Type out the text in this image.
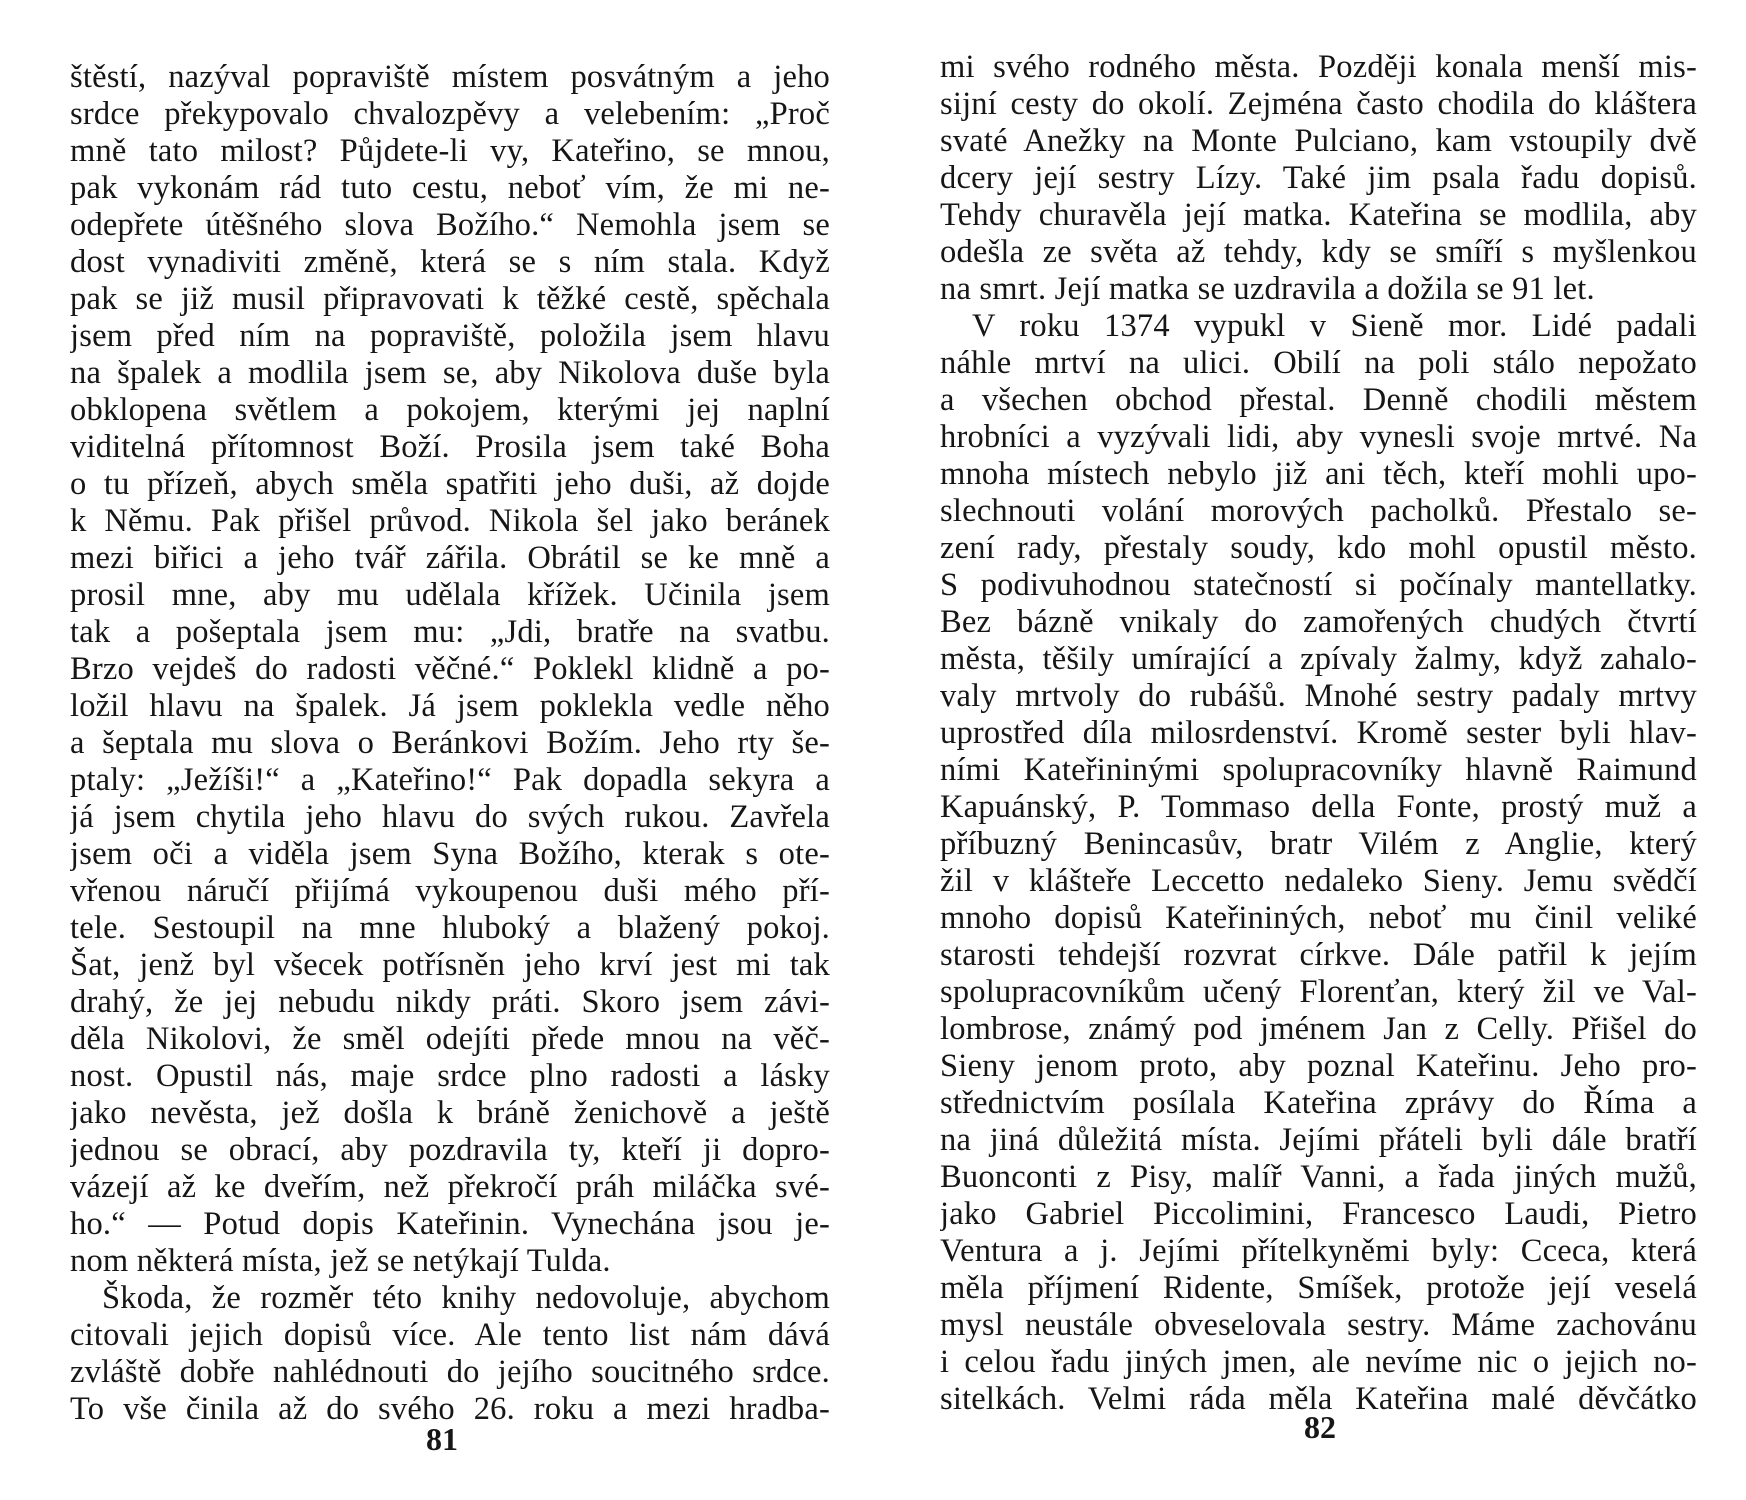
štěstí, nazýval popraviště místem posvátným a jeho
srdce překypovalo chvalozpěvy a velebením: „Proč
mně tato milost? Půjdete-li vy, Kateřino, se mnou,
pak vykonám rád tuto cestu, neboť vím, že mi ne-
odepřete útěšného slova Božího.“ Nemohla jsem se
dost vynadiviti změně, která se s ním stala. Když
pak se již musil připravovati k těžké cestě, spěchala
jsem před ním na popraviště, položila jsem hlavu
na špalek a modlila jsem se, aby Nikolova duše byla
obklopena světlem a pokojem, kterými jej naplní
viditelná přítomnost Boží. Prosila jsem také Boha
o tu přízeň, abych směla spatřiti jeho duši, až dojde
k Němu. Pak přišel průvod. Nikola šel jako beránek
mezi biřici a jeho tvář zářila. Obrátil se ke mně a
prosil mne, aby mu udělala křížek. Učinila jsem
tak a pošeptala jsem mu: „Jdi, bratře na svatbu.
Brzo vejdeš do radosti věčné.“ Poklekl klidně a po-
ložil hlavu na špalek. Já jsem poklekla vedle něho
a šeptala mu slova o Beránkovi Božím. Jeho rty še-
ptaly: „Ježíši!“ a „Kateřino!“ Pak dopadla sekyra a
já jsem chytila jeho hlavu do svých rukou. Zavřela
jsem oči a viděla jsem Syna Božího, kterak s ote-
vřenou náručí přijímá vykoupenou duši mého pří-
tele. Sestoupil na mne hluboký a blažený pokoj.
Šat, jenž byl všecek potřísněn jeho krví jest mi tak
drahý, že jej nebudu nikdy práti. Skoro jsem závi-
děla Nikolovi, že směl odejíti přede mnou na věč-
nost. Opustil nás, maje srdce plno radosti a lásky
jako nevěsta, jež došla k bráně ženichově a ještě
jednou se obrací, aby pozdravila ty, kteří ji dopro-
vázejí až ke dveřím, než překročí práh miláčka své-
ho.“ — Potud dopis Kateřinin. Vynechána jsou je-
nom některá místa, jež se netýkají Tulda.
Škoda, že rozměr této knihy nedovoluje, abychom
citovali jejich dopisů více. Ale tento list nám dává
zvláště dobře nahlédnouti do jejího soucitného srdce.
To vše činila až do svého 26. roku a mezi hradba-
81
mi svého rodného města. Později konala menší mis-
sijní cesty do okolí. Zejména často chodila do kláštera
svaté Anežky na Monte Pulciano, kam vstoupily dvě
dcery její sestry Lízy. Také jim psala řadu dopisů.
Tehdy churavěla její matka. Kateřina se modlila, aby
odešla ze světa až tehdy, kdy se smíří s myšlenkou
na smrt. Její matka se uzdravila a dožila se 91 let.
V roku 1374 vypukl v Sieně mor. Lidé padali
náhle mrtví na ulici. Obilí na poli stálo nepožato
a všechen obchod přestal. Denně chodili městem
hrobníci a vyzývali lidi, aby vynesli svoje mrtvé. Na
mnoha místech nebylo již ani těch, kteří mohli upo-
slechnouti volání morových pacholků. Přestalo se-
zení rady, přestaly soudy, kdo mohl opustil město.
S podivuhodnou statečností si počínaly mantellatky.
Bez bázně vnikaly do zamořených chudých čtvrtí
města, těšily umírající a zpívaly žalmy, když zahalo-
valy mrtvoly do rubášů. Mnohé sestry padaly mrtvy
uprostřed díla milosrdenství. Kromě sester byli hlav-
ními Kateřininými spolupracovníky hlavně Raimund
Kapuánský, P. Tommaso della Fonte, prostý muž a
příbuzný Benincasův, bratr Vilém z Anglie, který
žil v klášteře Leccetto nedaleko Sieny. Jemu svědčí
mnoho dopisů Kateřininých, neboť mu činil veliké
starosti tehdejší rozvrat církve. Dále patřil k jejím
spolupracovníkům učený Florenťan, který žil ve Val-
lombrose, známý pod jménem Jan z Celly. Přišel do
Sieny jenom proto, aby poznal Kateřinu. Jeho pro-
střednictvím posílala Kateřina zprávy do Říma a
na jiná důležitá místa. Jejími přáteli byli dále bratří
Buonconti z Pisy, malíř Vanni, a řada jiných mužů,
jako Gabriel Piccolimini, Francesco Laudi, Pietro
Ventura a j. Jejími přítelkyněmi byly: Cceca, která
měla příjmení Ridente, Smíšek, protože její veselá
mysl neustále obveselovala sestry. Máme zachovánu
i celou řadu jiných jmen, ale nevíme nic o jejich no-
sitelkách. Velmi ráda měla Kateřina malé děvčátko
82
